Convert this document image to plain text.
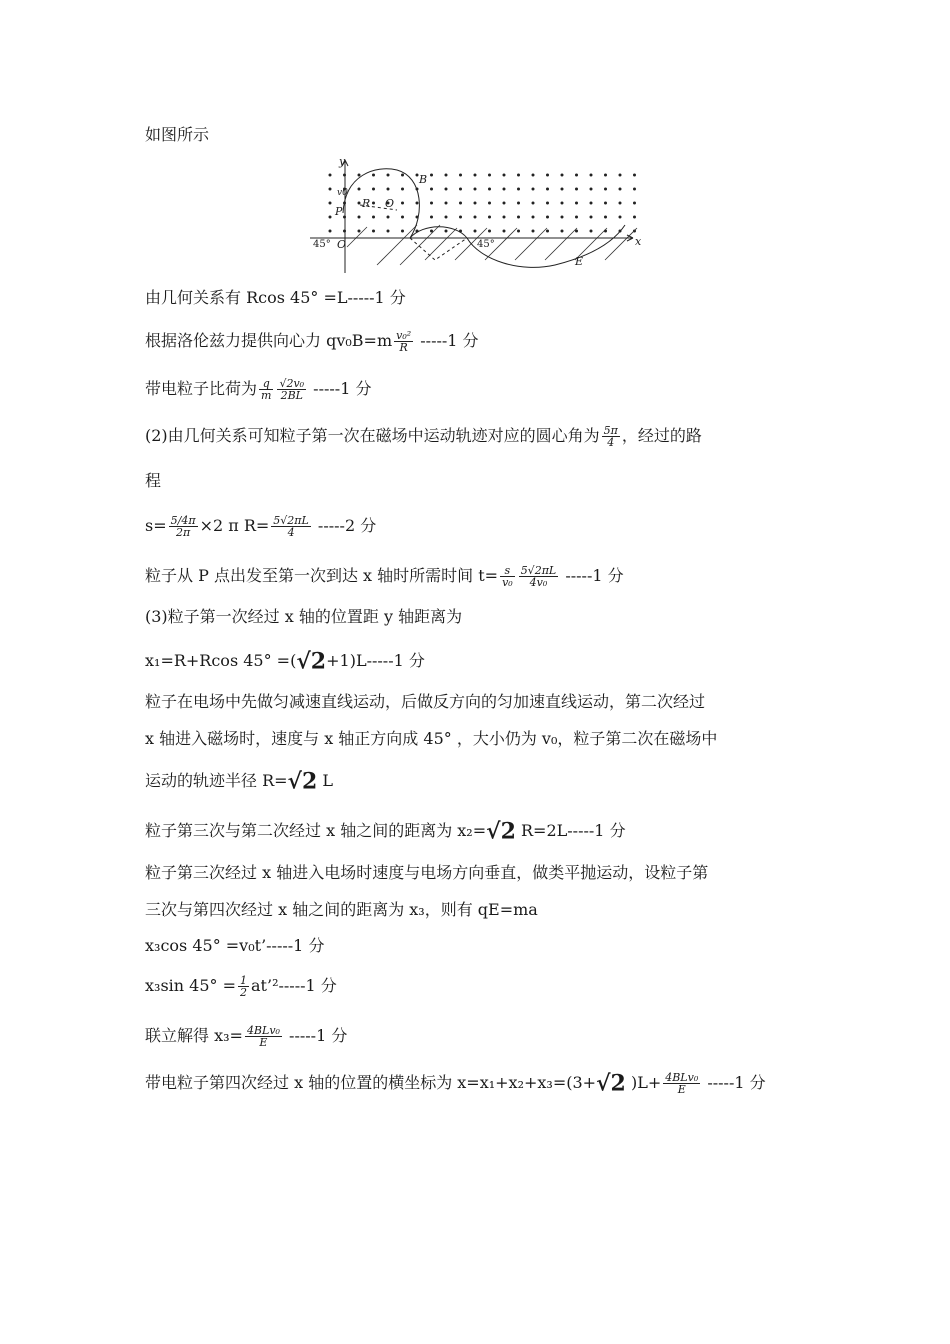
如图所示
y
x
O
P
R O
B
E
v0
45°	45°
由几何关系有 Rcos 45° =L-----1 分
根据洛伦兹力提供向心力 $qv_0B=m \frac{\text{v₀²}}{R} -----1$ 分
带电粒子比荷为 $\frac{q}{m} \frac{\text{√2v₀}}{2BL} -----1$ 分
(2)由几何关系可知粒子第一次在磁场中运动轨迹对应的圆心角为 $\frac{5\pi}{4}$ ，经过的路
程
$s= \frac{5/4\pi}{2\pi} \times 2$ π $R= \frac{5√2\pi L}{4} -----2$ 分
粒子从 P 点出发至第一次到达 x 轴时所需时间 $t= \frac{s}{\text{v₀}} \frac{5√2\pi L}{\text{4v₀}} -----1$ 分
(3)粒子第一次经过 x 轴的位置距 y 轴距离为
x₁=R+Rcos 45° =(√2+1)L-----1 分
粒子在电场中先做匀减速直线运动，后做反方向的匀加速直线运动，第二次经过
x 轴进入磁场时，速度与 x 轴正方向成 45° ，大小仍为 v₀，粒子第二次在磁场中
运动的轨迹半径 R=√2 L
粒子第三次与第二次经过 x 轴之间的距离为 x₂=√2 R=2L-----1 分
粒子第三次经过 x 轴进入电场时速度与电场方向垂直，做类平抛运动，设粒子第
三次与第四次经过 x 轴之间的距离为 x₃，则有 qE=ma
x₃cos 45° =v₀t’-----1 分
x₃sin $45^\circ = \frac{1}{2}$ at’²-----1 分
联立解得 $x_3= \frac{\text{4BLv₀}}{E} -----1$ 分
带电粒子第四次经过 x 轴的位置的横坐标为 x=x₁+x₂+x₃=(3+√2 )$L+ \frac{\text{4BLv₀}}{E} -----1$ 分
